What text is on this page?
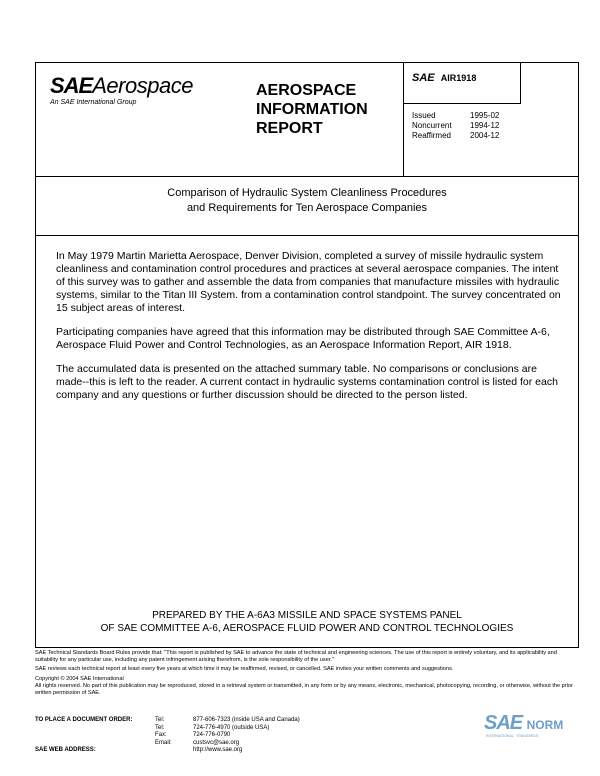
SAEAerospace
An SAE International Group
AEROSPACE
INFORMATION
REPORT
SAE AIR1918
Issued	1995-02
Noncurrent 1994-12
Reaffirmed 2004-12
Comparison of Hydraulic System Cleanliness Procedures
and Requirements for Ten Aerospace Companies

In May 1979 Martin Marietta Aerospace, Denver Division, completed a survey of missile hydraulic system cleanliness and contamination control procedures and practices at several aerospace companies. The intent of this survey was to gather and assemble the data from companies that manufacture missiles with hydraulic systems, similar to the Titan III System. from a contamination control standpoint. The survey concentrated on 15 subject areas of interest.

Participating companies have agreed that this information may be distributed through SAE Committee A-6, Aerospace Fluid Power and Control Technologies, as an Aerospace Information Report, AIR 1918.

The accumulated data is presented on the attached summary table. No comparisons or conclusions are made--this is left to the reader. A current contact in hydraulic systems contamination control is listed for each company and any questions or further discussion should be directed to the person listed.

PREPARED BY THE A-6A3 MISSILE AND SPACE SYSTEMS PANEL
OF SAE COMMITTEE A-6, AEROSPACE FLUID POWER AND CONTROL TECHNOLOGIES

SAE Technical Standards Board Rules provide that: "This report is published by SAE to advance the state of technical and engineering sciences. The use of this report is entirely voluntary, and its applicability and suitability for any particular use, including any patent infringement arising therefrom, is the sole responsibility of the user."

SAE reviews each technical report at least every five years at which time it may be reaffirmed, revised, or cancelled. SAE invites your written comments and suggestions.

Copyright © 2004 SAE International

All rights reserved. No part of this publication may be reproduced, stored in a retrieval system or transmitted, in any form or by any means, electronic, mechanical, photocopying, recording, or otherwise, without the prior written permission of SAE.

TO PLACE A DOCUMENT ORDER:	Tel:	877-606-7323 (inside USA and Canada)
Tel:	724-776-4970 (outside USA)
Fax:	724-776-0790
Email:	custsvc@sae.org
SAE WEB ADDRESS:	http://www.sae.org
SAE NORM
INTERNATIONAL · STANDARDS
